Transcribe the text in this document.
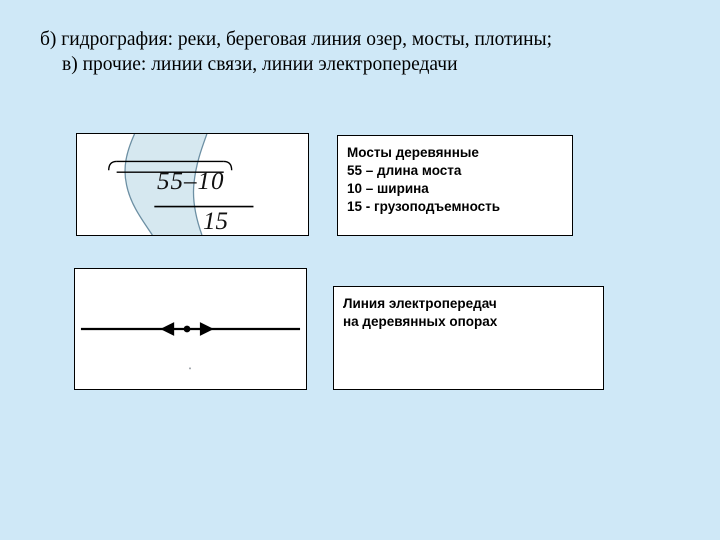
б) гидрография: реки, береговая линия озер, мосты, плотины;
в) прочие: линии связи, линии электропередачи
55–10
15
Мосты деревянные
55 – длина моста
10 – ширина
15 - грузоподъемность
Линия электропередач
на деревянных опорах
